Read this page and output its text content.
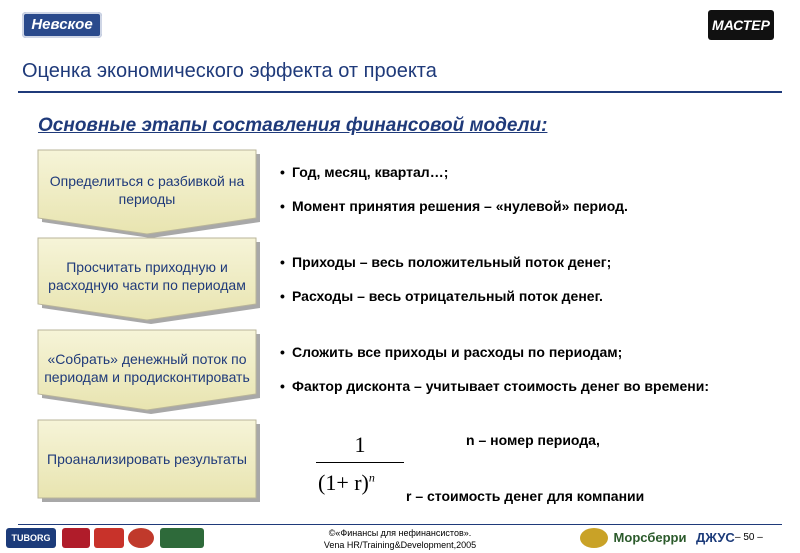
Невское	МАСТЕР
Оценка экономического эффекта от проекта
Основные этапы составления финансовой модели:
Определиться с разбивкой на периоды
Просчитать приходную и расходную части по периодам
«Собрать» денежный поток по периодам и продисконтировать
Проанализировать результаты
• Год, месяц, квартал…;
• Момент принятия решения – «нулевой» период.
• Приходы – весь положительный поток денег;
• Расходы – весь отрицательный поток денег.
• Сложить все приходы и расходы по периодам;
• Фактор дисконта – учитывает стоимость денег во времени:
1
$(1+ r)^n$
n – номер периода,
r – стоимость денег для компании
TUBORG	©«Финансы для нефинансистов».
Vena HR/Training&Development,2005	Морсберри ДЖУС – 50 –
